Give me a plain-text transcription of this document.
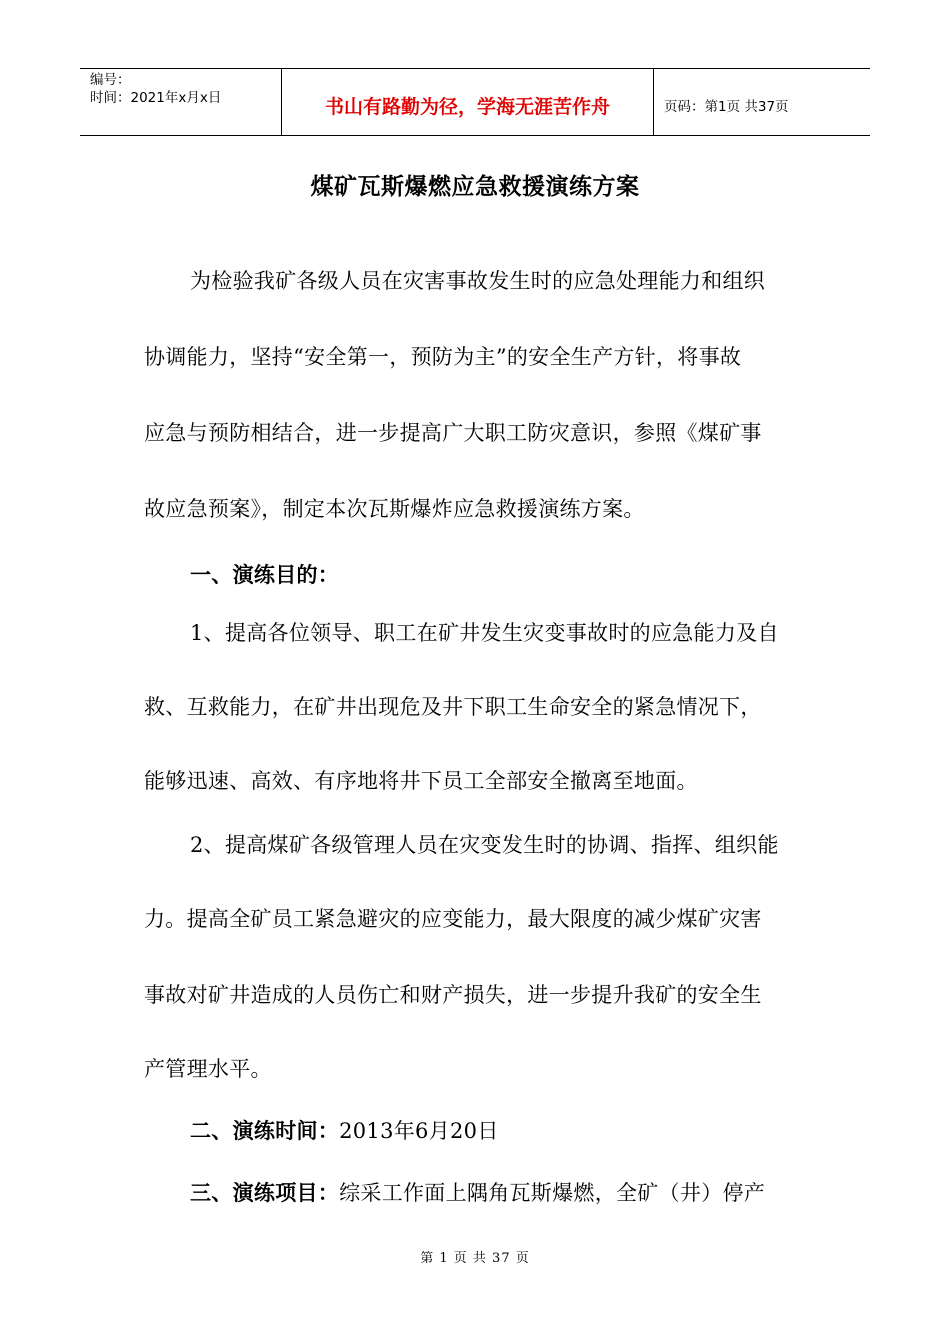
编号：
时间：2021年x月x日	书山有路勤为径，学海无涯苦作舟	页码：第1页 共37页
煤矿瓦斯爆燃应急救援演练方案
为检验我矿各级人员在灾害事故发生时的应急处理能力和组织
协调能力，坚持“安全第一，预防为主”的安全生产方针，将事故
应急与预防相结合，进一步提高广大职工防灾意识，参照《煤矿事
故应急预案》，制定本次瓦斯爆炸应急救援演练方案。
一、演练目的：
1、提高各位领导、职工在矿井发生灾变事故时的应急能力及自
救、互救能力，在矿井出现危及井下职工生命安全的紧急情况下，
能够迅速、高效、有序地将井下员工全部安全撤离至地面。
2、提高煤矿各级管理人员在灾变发生时的协调、指挥、组织能
力。提高全矿员工紧急避灾的应变能力，最大限度的减少煤矿灾害
事故对矿井造成的人员伤亡和财产损失，进一步提升我矿的安全生
产管理水平。
二、演练时间：2013年6月20日
三、演练项目：综采工作面上隅角瓦斯爆燃，全矿（井）停产
第 1 页 共 37 页
